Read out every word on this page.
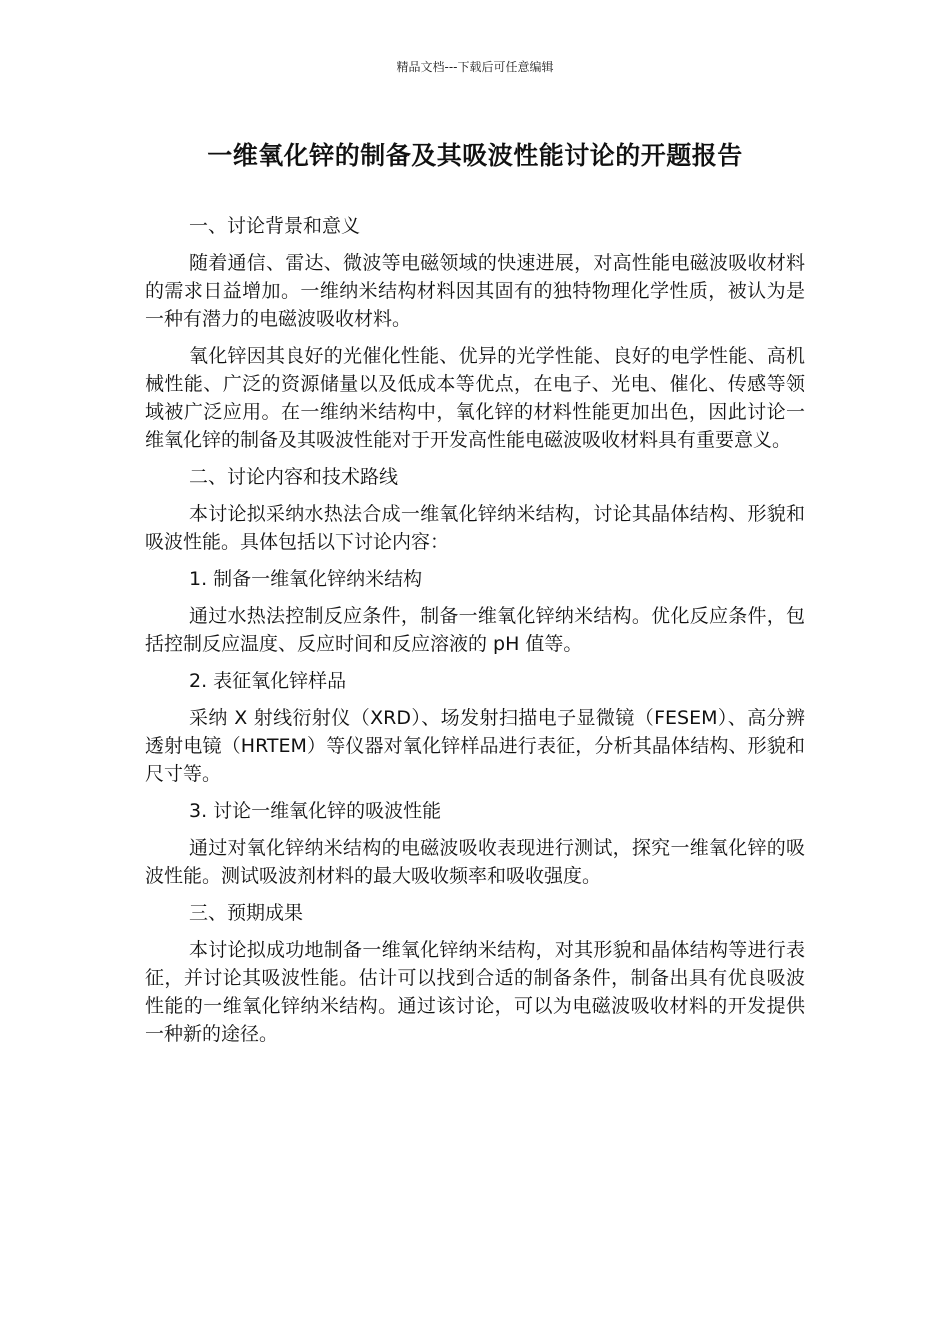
精品文档---下载后可任意编辑
一维氧化锌的制备及其吸波性能讨论的开题报告

一、讨论背景和意义

随着通信、雷达、微波等电磁领域的快速进展，对高性能电磁波吸收材料的需求日益增加。一维纳米结构材料因其固有的独特物理化学性质，被认为是一种有潜力的电磁波吸收材料。

氧化锌因其良好的光催化性能、优异的光学性能、良好的电学性能、高机械性能、广泛的资源储量以及低成本等优点，在电子、光电、催化、传感等领域被广泛应用。在一维纳米结构中，氧化锌的材料性能更加出色，因此讨论一维氧化锌的制备及其吸波性能对于开发高性能电磁波吸收材料具有重要意义。

二、讨论内容和技术路线

本讨论拟采纳水热法合成一维氧化锌纳米结构，讨论其晶体结构、形貌和吸波性能。具体包括以下讨论内容：

1. 制备一维氧化锌纳米结构

通过水热法控制反应条件，制备一维氧化锌纳米结构。优化反应条件，包括控制反应温度、反应时间和反应溶液的 pH 值等。

2. 表征氧化锌样品

采纳 X 射线衍射仪（XRD）、场发射扫描电子显微镜（FESEM）、高分辨透射电镜（HRTEM）等仪器对氧化锌样品进行表征，分析其晶体结构、形貌和尺寸等。

3. 讨论一维氧化锌的吸波性能

通过对氧化锌纳米结构的电磁波吸收表现进行测试，探究一维氧化锌的吸波性能。测试吸波剂材料的最大吸收频率和吸收强度。

三、预期成果

本讨论拟成功地制备一维氧化锌纳米结构，对其形貌和晶体结构等进行表征，并讨论其吸波性能。估计可以找到合适的制备条件，制备出具有优良吸波性能的一维氧化锌纳米结构。通过该讨论，可以为电磁波吸收材料的开发提供一种新的途径。
